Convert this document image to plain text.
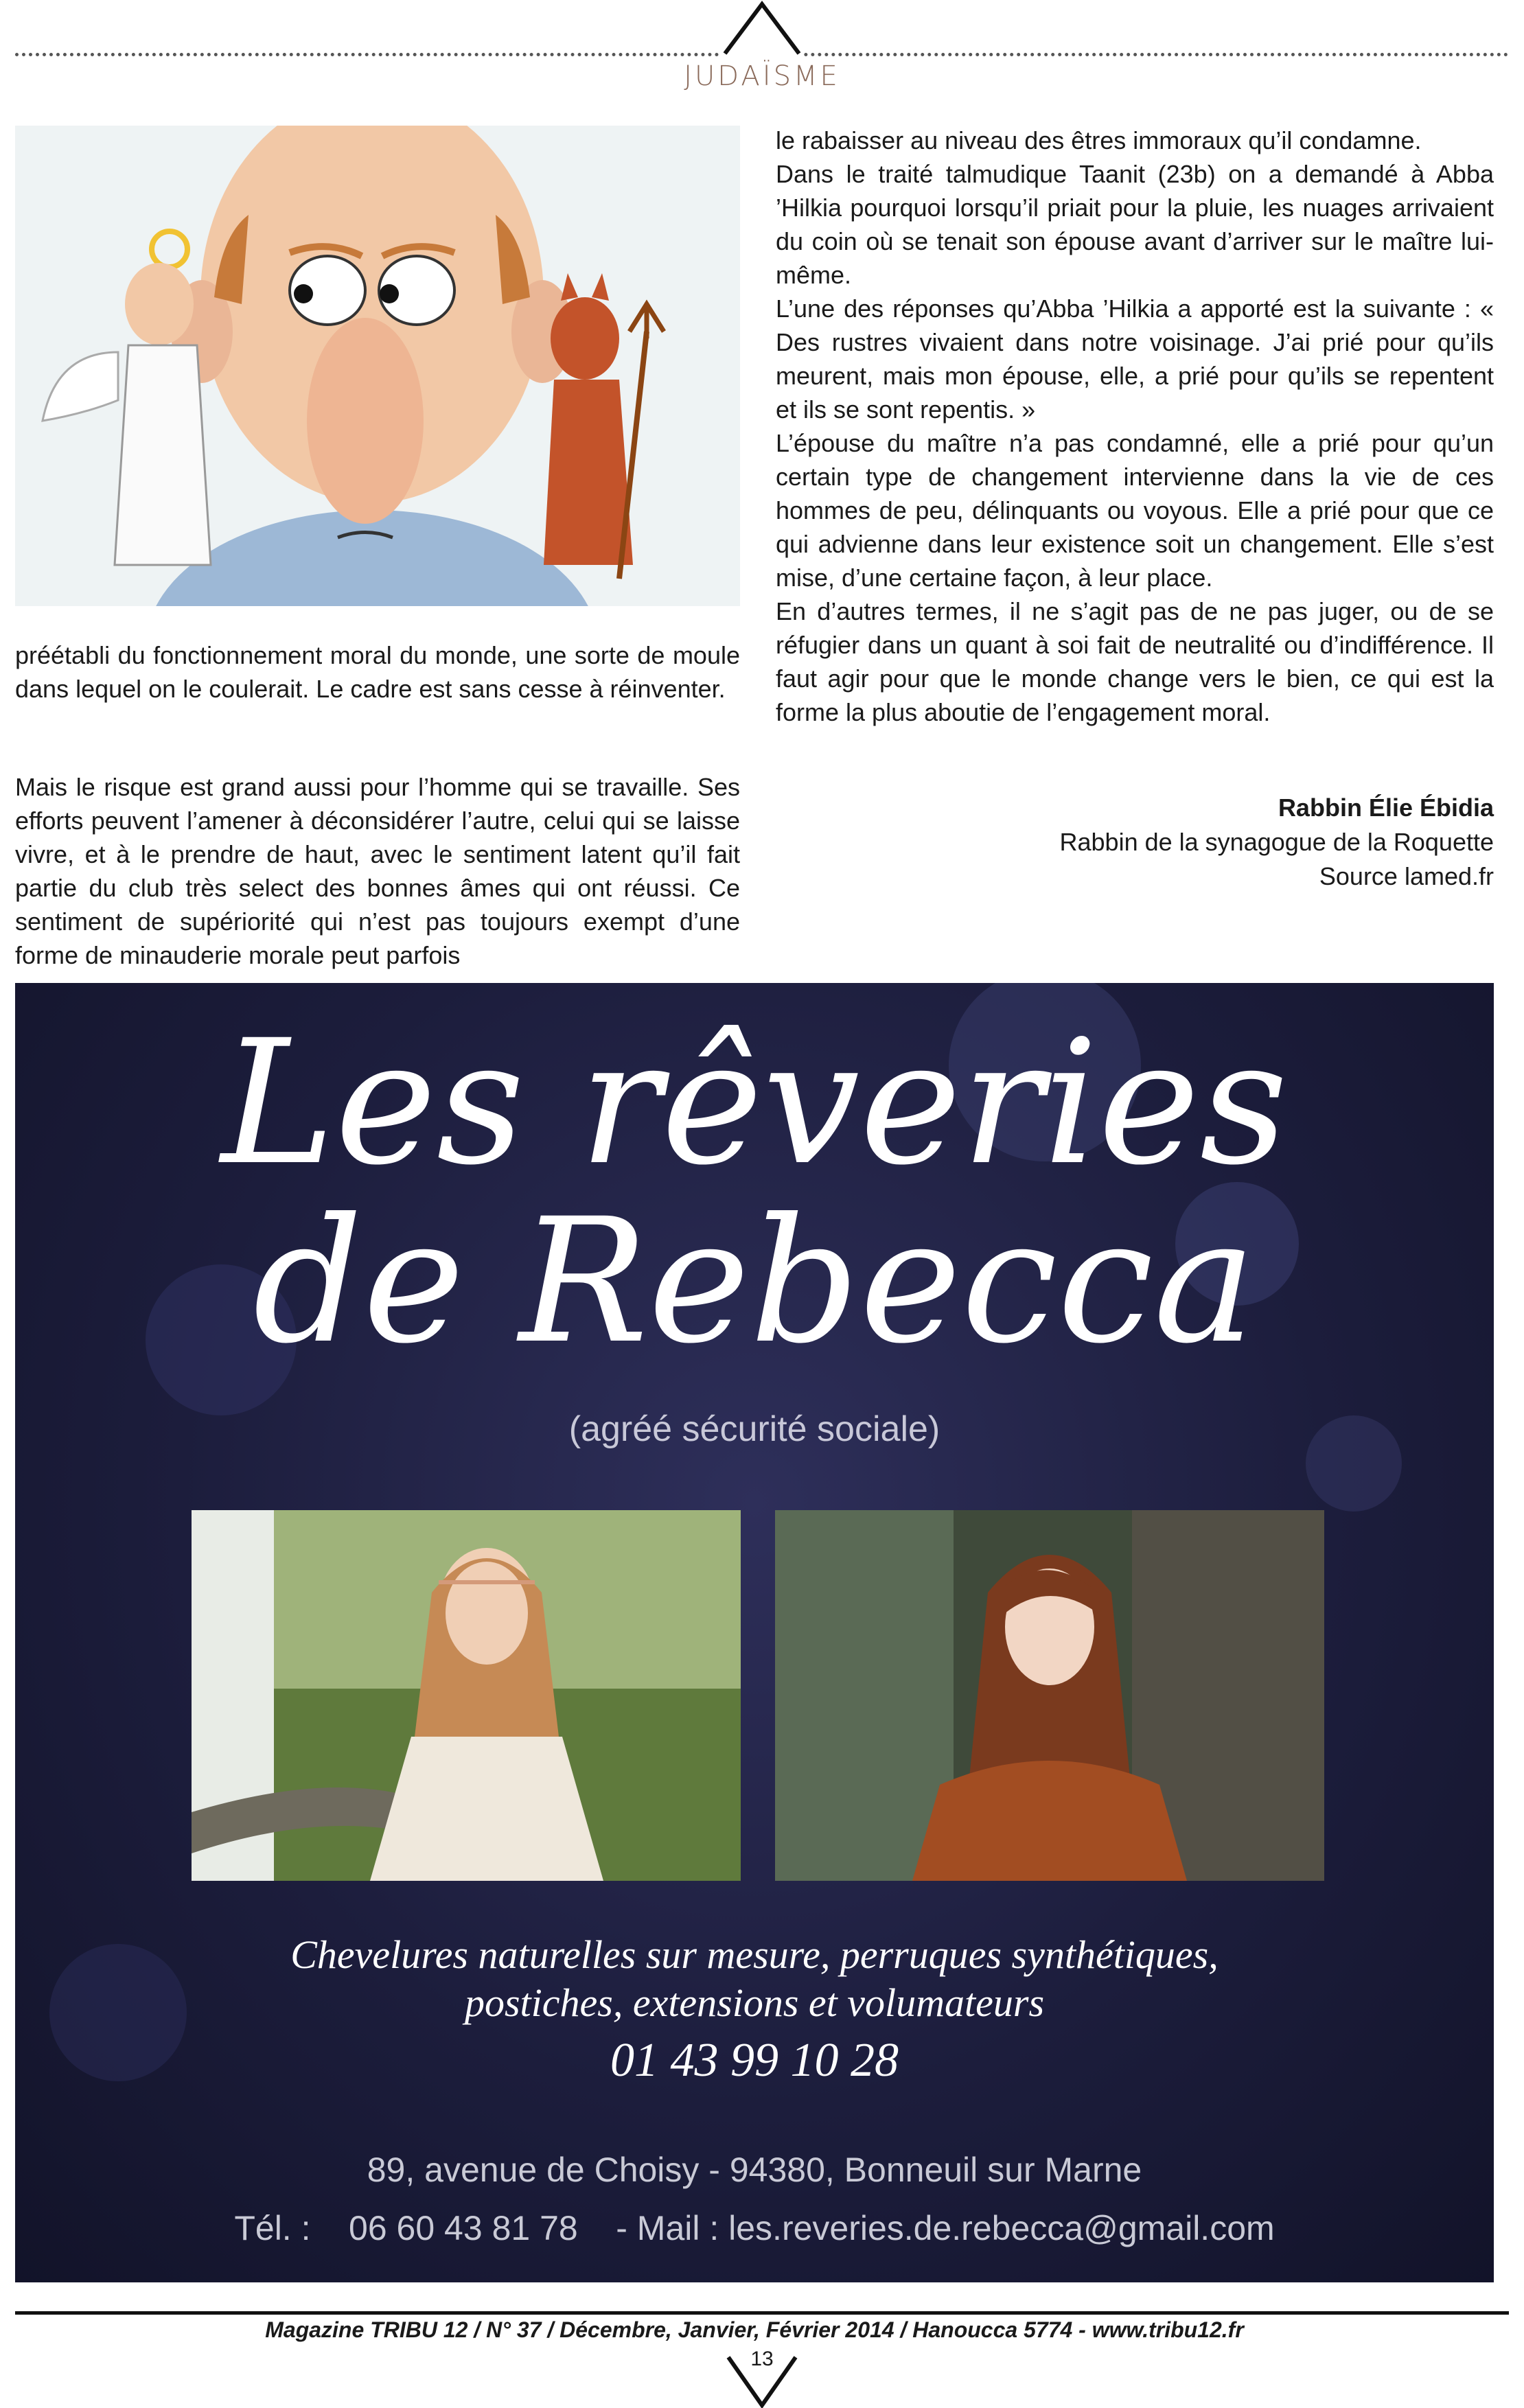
JUDAÏSME

préétabli du fonctionnement moral du monde, une sorte de moule dans lequel on le coulerait. Le cadre est sans cesse à réinventer.

Mais le risque est grand aussi pour l’homme qui se travaille. Ses efforts peuvent l’amener à déconsidérer l’autre, celui qui se laisse vivre, et à le prendre de haut, avec le sentiment latent qu’il fait partie du club très select des bonnes âmes qui ont réussi. Ce sentiment de supériorité qui n’est pas toujours exempt d’une forme de minauderie morale peut parfois

le rabaisser au niveau des êtres immoraux qu’il condamne.

Dans le traité talmudique Taanit (23b) on a demandé à Abba ’Hilkia pourquoi lorsqu’il priait pour la pluie, les nuages arrivaient du coin où se tenait son épouse avant d’arriver sur le maître lui-même.

L’une des réponses qu’Abba ’Hilkia a apporté est la suivante : « Des rustres vivaient dans notre voisinage. J’ai prié pour qu’ils meurent, mais mon épouse, elle, a prié pour qu’ils se repentent et ils se sont repentis. »

L’épouse du maître n’a pas condamné, elle a prié pour qu’un certain type de changement intervienne dans la vie de ces hommes de peu, délinquants ou voyous. Elle a prié pour que ce qui advienne dans leur existence soit un changement. Elle s’est mise, d’une certaine façon, à leur place.

En d’autres termes, il ne s’agit pas de ne pas juger, ou de se réfugier dans un quant à soi fait de neutralité ou d’indifférence. Il faut agir pour que le monde change vers le bien, ce qui est la forme la plus aboutie de l’engagement moral.

Rabbin Élie Ébidia
Rabbin de la synagogue de la Roquette
Source lamed.fr
Les rêveries
de Rebecca
(agréé sécurité sociale)
Chevelures naturelles sur mesure, perruques synthétiques,
postiches, extensions et volumateurs
01 43 99 10 28
89, avenue de Choisy - 94380, Bonneuil sur Marne
Tél. :    06 60 43 81 78    - Mail : les.reveries.de.rebecca@gmail.com
Magazine TRIBU 12 / N° 37 / Décembre, Janvier, Février 2014 / Hanoucca 5774 - www.tribu12.fr
13
